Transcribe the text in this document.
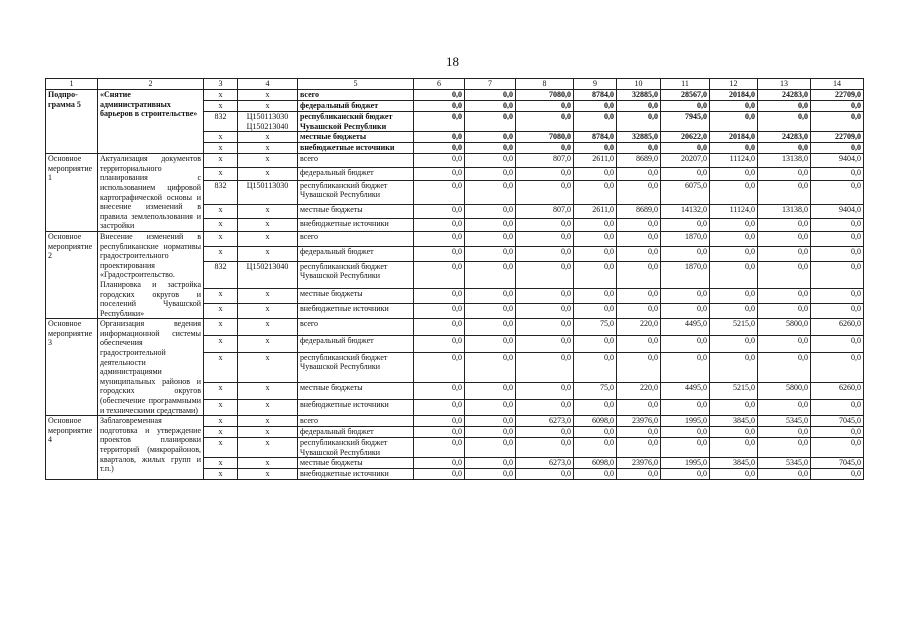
18
1	2	3	4	5	6	7	8	9	10	11	12	13	14
Подпро-грамма 5	«Снятие административных барьеров в строительстве»	x	x	всего	0,0	0,0	7080,0	8784,0	32885,0	28567,0	20184,0	24283,0	22709,0
		x	x	федеральный бюджет	0,0	0,0	0,0	0,0	0,0	0,0	0,0	0,0	0,0
		832	Ц150113030 Ц150213040	республиканский бюджет Чувашской Республики	0,0	0,0	0,0	0,0	0,0	7945,0	0,0	0,0	0,0
		x	x	местные бюджеты	0,0	0,0	7080,0	8784,0	32885,0	20622,0	20184,0	24283,0	22709,0
		x	x	внебюджетные источники	0,0	0,0	0,0	0,0	0,0	0,0	0,0	0,0	0,0
Основное мероприятие 1	Актуализация документов территориального планирования с использованием цифровой картографической основы и внесение изменений в правила землепользования и застройки	x	x	всего	0,0	0,0	807,0	2611,0	8689,0	20207,0	11124,0	13138,0	9404,0
		x	x	федеральный бюджет	0,0	0,0	0,0	0,0	0,0	0,0	0,0	0,0	0,0
		832	Ц150113030	республиканский бюджет Чувашской Республики	0,0	0,0	0,0	0,0	0,0	6075,0	0,0	0,0	0,0
		x	x	местные бюджеты	0,0	0,0	807,0	2611,0	8689,0	14132,0	11124,0	13138,0	9404,0
		x	x	внебюджетные источники	0,0	0,0	0,0	0,0	0,0	0,0	0,0	0,0	0,0
Основное мероприятие 2	Внесение изменений в республиканские нормативы градостроительного проектирования «Градостроительство. Планировка и застройка городских округов и поселений Чувашской Республики»	x	x	всего	0,0	0,0	0,0	0,0	0,0	1870,0	0,0	0,0	0,0
		x	x	федеральный бюджет	0,0	0,0	0,0	0,0	0,0	0,0	0,0	0,0	0,0
		832	Ц150213040	республиканский бюджет Чувашской Республики	0,0	0,0	0,0	0,0	0,0	1870,0	0,0	0,0	0,0
		x	x	местные бюджеты	0,0	0,0	0,0	0,0	0,0	0,0	0,0	0,0	0,0
		x	x	внебюджетные источники	0,0	0,0	0,0	0,0	0,0	0,0	0,0	0,0	0,0
Основное мероприятие 3	Организация ведения информационной системы обеспечения градостроительной деятельности администрациями муниципальных районов и городских округов (обеспечение программными и техническими средствами)	x	x	всего	0,0	0,0	0,0	75,0	220,0	4495,0	5215,0	5800,0	6260,0
		x	x	федеральный бюджет	0,0	0,0	0,0	0,0	0,0	0,0	0,0	0,0	0,0
		x	x	республиканский бюджет Чувашской Республики	0,0	0,0	0,0	0,0	0,0	0,0	0,0	0,0	0,0
		x	x	местные бюджеты	0,0	0,0	0,0	75,0	220,0	4495,0	5215,0	5800,0	6260,0
		x	x	внебюджетные источники	0,0	0,0	0,0	0,0	0,0	0,0	0,0	0,0	0,0
Основное мероприятие 4	Заблаговременная подготовка и утверждение проектов планировки территорий (микрорайонов, кварталов, жилых групп и т.п.)	x	x	всего	0,0	0,0	6273,0	6098,0	23976,0	1995,0	3845,0	5345,0	7045,0
		x	x	федеральный бюджет	0,0	0,0	0,0	0,0	0,0	0,0	0,0	0,0	0,0
		x	x	республиканский бюджет Чувашской Республики	0,0	0,0	0,0	0,0	0,0	0,0	0,0	0,0	0,0
		x	x	местные бюджеты	0,0	0,0	6273,0	6098,0	23976,0	1995,0	3845,0	5345,0	7045,0
		x	x	внебюджетные источники	0,0	0,0	0,0	0,0	0,0	0,0	0,0	0,0	0,0
